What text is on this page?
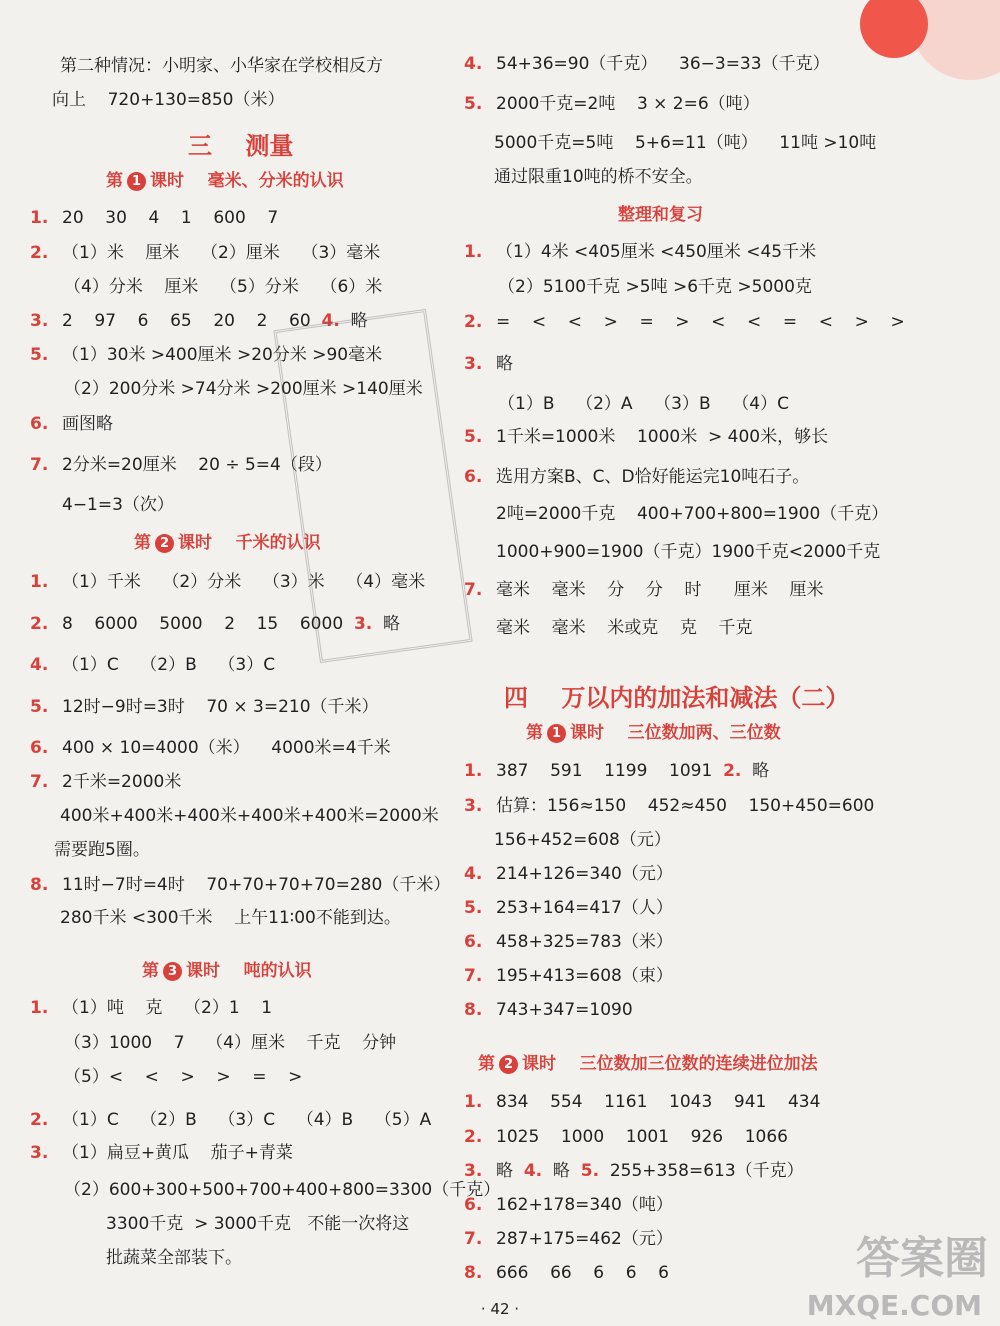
第二种情况：小明家、小华家在学校相反方
向上    720+130=850（米）
三    测量
第 1 课时    毫米、分米的认识
1. 20    30    4    1    600    7
2. （1）米    厘米    （2）厘米    （3）毫米
（4）分米    厘米    （5）分米    （6）米
3. 2    97    6    65    20    2    60  4.  略
5. （1）30米 >400厘米 >20分米 >90毫米
（2）200分米 >74分米 >200厘米 >140厘米
6. 画图略
7. 2分米=20厘米    20 ÷ 5=4（段）
4−1=3（次）
第 2 课时    千米的认识
1. （1）千米    （2）分米    （3）米    （4）毫米
2. 8    6000    5000    2    15    6000  3.  略
4. （1）C    （2）B    （3）C
5. 12时−9时=3时    70 × 3=210（千米）
6. 400 × 10=4000（米）    4000米=4千米
7. 2千米=2000米
400米+400米+400米+400米+400米=2000米
需要跑5圈。
8. 11时−7时=4时    70+70+70+70=280（千米）
280千米 <300千米    上午11∶00不能到达。
第 3 课时    吨的认识
1. （1）吨    克    （2）1    1
（3）1000    7    （4）厘米    千克    分钟
（5）<    <    >    >    =    >
2. （1）C    （2）B    （3）C    （4）B    （5）A
3. （1）扁豆+黄瓜    茄子+青菜
（2）600+300+500+700+400+800=3300（千克）
3300千克  > 3000千克   不能一次将这
批蔬菜全部装下。
4. 54+36=90（千克）    36−3=33（千克）
5. 2000千克=2吨    3 × 2=6（吨）
5000千克=5吨    5+6=11（吨）    11吨 >10吨
通过限重10吨的桥不安全。
整理和复习
1. （1）4米 <405厘米 <450厘米 <45千米
（2）5100千克 >5吨 >6千克 >5000克
2. =    <    <    >    =    >    <    <    =    <    >    >
3. 略
（1）B    （2）A    （3）B    （4）C
5. 1千米=1000米    1000米  > 400米，够长
6. 选用方案B、C、D恰好能运完10吨石子。
2吨=2000千克    400+700+800=1900（千克）
1000+900=1900（千克）1900千克<2000千克
7. 毫米    毫米    分    分    时      厘米    厘米
毫米    毫米    米或克    克    千克
四    万以内的加法和减法（二）
第 1 课时    三位数加两、三位数
1. 387    591    1199    1091  2.  略
3. 估算：156≈150    452≈450    150+450=600
156+452=608（元）
4. 214+126=340（元）
5. 253+164=417（人）
6. 458+325=783（米）
7. 195+413=608（束）
8. 743+347=1090
第 2 课时    三位数加三位数的连续进位加法
1. 834    554    1161    1043    941    434
2. 1025    1000    1001    926    1066
3. 略  4.  略  5.  255+358=613（千克）
6. 162+178=340（吨）
7. 287+175=462（元）
8. 666    66    6    6    6
· 42 ·
答案圈
MXQE.COM
